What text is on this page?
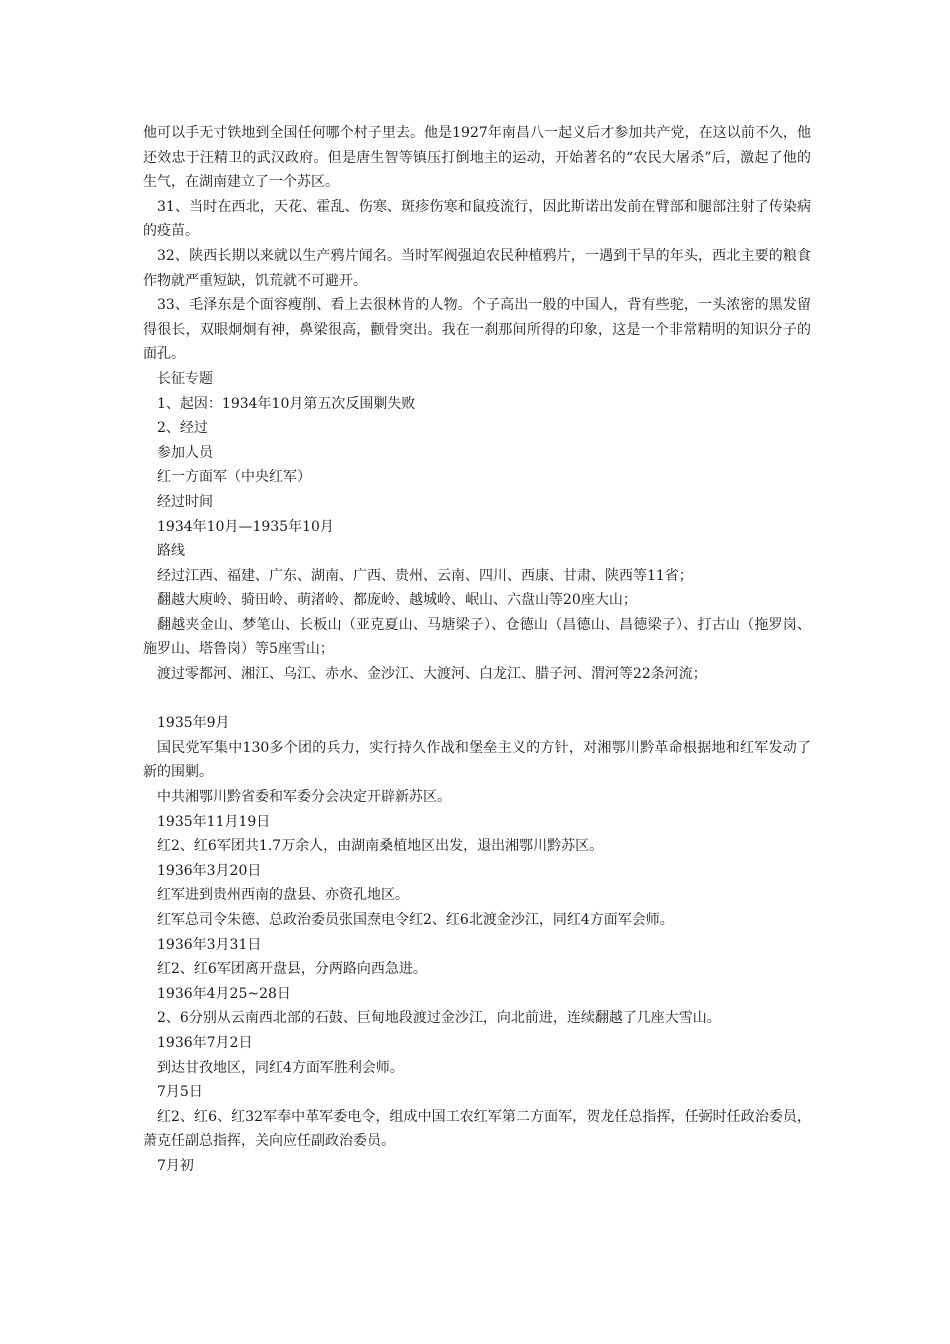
他可以手无寸铁地到全国任何哪个村子里去。他是1927年南昌八一起义后才参加共产党，在这以前不久，他还效忠于汪精卫的武汉政府。但是唐生智等镇压打倒地主的运动，开始著名的“农民大屠杀”后，激起了他的生气，在湖南建立了一个苏区。

31、当时在西北，天花、霍乱、伤寒、斑疹伤寒和鼠疫流行，因此斯诺出发前在臂部和腿部注射了传染病的疫苗。

32、陕西长期以来就以生产鸦片闻名。当时军阀强迫农民种植鸦片，一遇到干旱的年头，西北主要的粮食作物就严重短缺，饥荒就不可避开。

33、毛泽东是个面容瘦削、看上去很林肯的人物。个子高出一般的中国人，背有些驼，一头浓密的黑发留得很长，双眼炯炯有神，鼻梁很高，颧骨突出。我在一刹那间所得的印象，这是一个非常精明的知识分子的面孔。

长征专题

1、起因：1934年10月第五次反围剿失败

2、经过

参加人员

红一方面军（中央红军）

经过时间

1934年10月—1935年10月

路线

经过江西、福建、广东、湖南、广西、贵州、云南、四川、西康、甘肃、陕西等11省；

翻越大庾岭、骑田岭、萌渚岭、都庞岭、越城岭、岷山、六盘山等20座大山；

翻越夹金山、梦笔山、长板山（亚克夏山、马塘梁子）、仓德山（昌德山、昌德梁子）、打古山（拖罗岗、施罗山、塔鲁岗）等5座雪山；

渡过零都河、湘江、乌江、赤水、金沙江、大渡河、白龙江、腊子河、渭河等22条河流；

1935年9月

国民党军集中130多个团的兵力，实行持久作战和堡垒主义的方针，对湘鄂川黔革命根据地和红军发动了新的围剿。

中共湘鄂川黔省委和军委分会决定开辟新苏区。

1935年11月19日

红2、红6军团共1.7万余人，由湖南桑植地区出发，退出湘鄂川黔苏区。

1936年3月20日

红军进到贵州西南的盘县、亦资孔地区。

红军总司令朱德、总政治委员张国焘电令红2、红6北渡金沙江，同红4方面军会师。

1936年3月31日

红2、红6军团离开盘县，分两路向西急进。

1936年4月25~28日

2、6分别从云南西北部的石鼓、巨甸地段渡过金沙江，向北前进，连续翻越了几座大雪山。

1936年7月2日

到达甘孜地区，同红4方面军胜利会师。

7月5日

红2、红6、红32军奉中革军委电令，组成中国工农红军第二方面军，贺龙任总指挥，任弼时任政治委员，萧克任副总指挥，关向应任副政治委员。

7月初
